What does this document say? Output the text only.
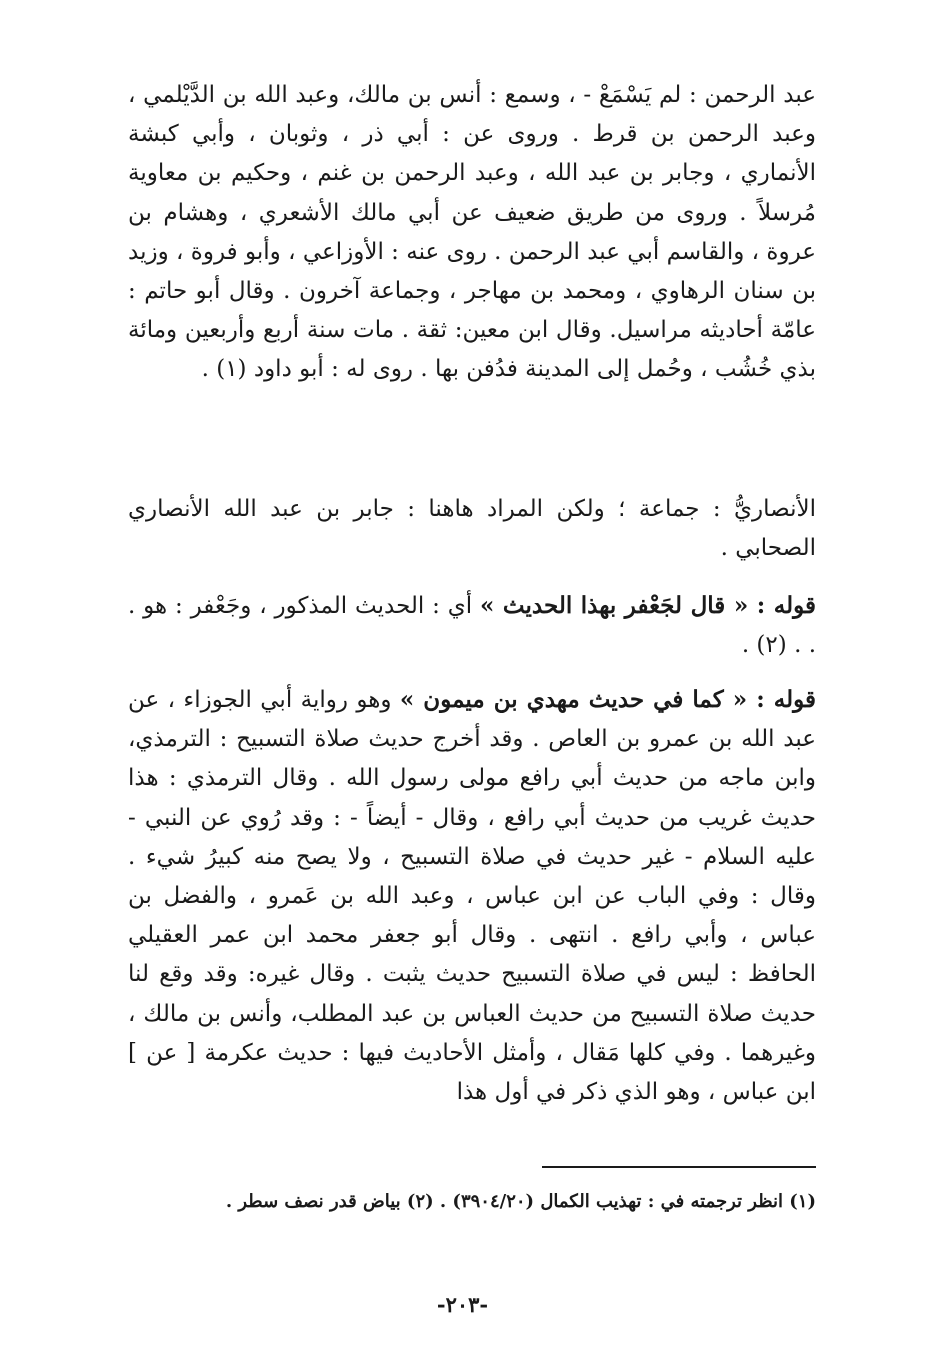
عبد الرحمن : لم يَسْمَعْ - ، وسمع : أنس بن مالك، وعبد الله بن الدَّيْلمي ، وعبد الرحمن بن قرط . وروى عن : أبي ذر ، وثوبان ، وأبي كبشة الأنماري ، وجابر بن عبد الله ، وعبد الرحمن بن غنم ، وحكيم بن معاوية مُرسلاً . وروى من طريق ضعيف عن أبي مالك الأشعري ، وهشام بن عروة ، والقاسم أبي عبد الرحمن . روى عنه : الأوزاعي ، وأبو فروة ، وزيد بن سنان الرهاوي ، ومحمد بن مهاجر ، وجماعة آخرون . وقال أبو حاتم : عامّة أحاديثه مراسيل. وقال ابن معين: ثقة . مات سنة أربع وأربعين ومائة بذي خُشُب ، وحُمل إلى المدينة فدُفن بها . روى له : أبو داود (١) .

الأنصاريُّ : جماعة ؛ ولكن المراد هاهنا : جابر بن عبد الله الأنصاري الصحابي .

قوله : « قال لجَعْفر بهذا الحديث » أي : الحديث المذكور ، وجَعْفر : هو . . . (٢) .

قوله : « كما في حديث مهدي بن ميمون » وهو رواية أبي الجوزاء ، عن عبد الله بن عمرو بن العاص . وقد أخرج حديث صلاة التسبيح : الترمذي، وابن ماجه من حديث أبي رافع مولى رسول الله . وقال الترمذي : هذا حديث غريب من حديث أبي رافع ، وقال - أيضاً - : وقد رُوي عن النبي - عليه السلام - غير حديث في صلاة التسبيح ، ولا يصح منه كبيرُ شيء . وقال : وفي الباب عن ابن عباس ، وعبد الله بن عَمرو ، والفضل بن عباس ، وأبي رافع . انتهى . وقال أبو جعفر محمد ابن عمر العقيلي الحافظ : ليس في صلاة التسبيح حديث يثبت . وقال غيره: وقد وقع لنا حديث صلاة التسبيح من حديث العباس بن عبد المطلب، وأنس بن مالك ، وغيرهما . وفي كلها مَقال ، وأمثل الأحاديث فيها : حديث عكرمة [ عن ] ابن عباس ، وهو الذي ذكر في أول هذا

(١) انظر ترجمته في : تهذيب الكمال (٣٩٠٤/٢٠) . (٢) بياض قدر نصف سطر .
-٢٠٣-
